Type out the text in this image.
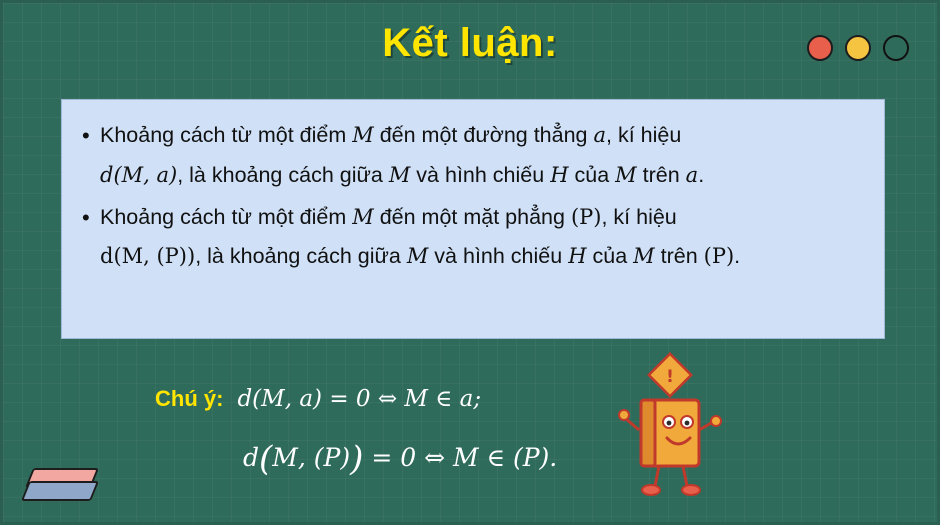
Kết luận:
• Khoảng cách từ một điểm M đến một đường thẳng a, kí hiệu
d(M, a), là khoảng cách giữa M và hình chiếu H của M trên a.
• Khoảng cách từ một điểm M đến một mặt phẳng (P), kí hiệu
d(M, (P)), là khoảng cách giữa M và hình chiếu H của M trên (P).
Chú ý: d(M, a) = 0 ⇔ M ∈ a;
d(M, (P)) = 0 ⇔ M ∈ (P).
!
